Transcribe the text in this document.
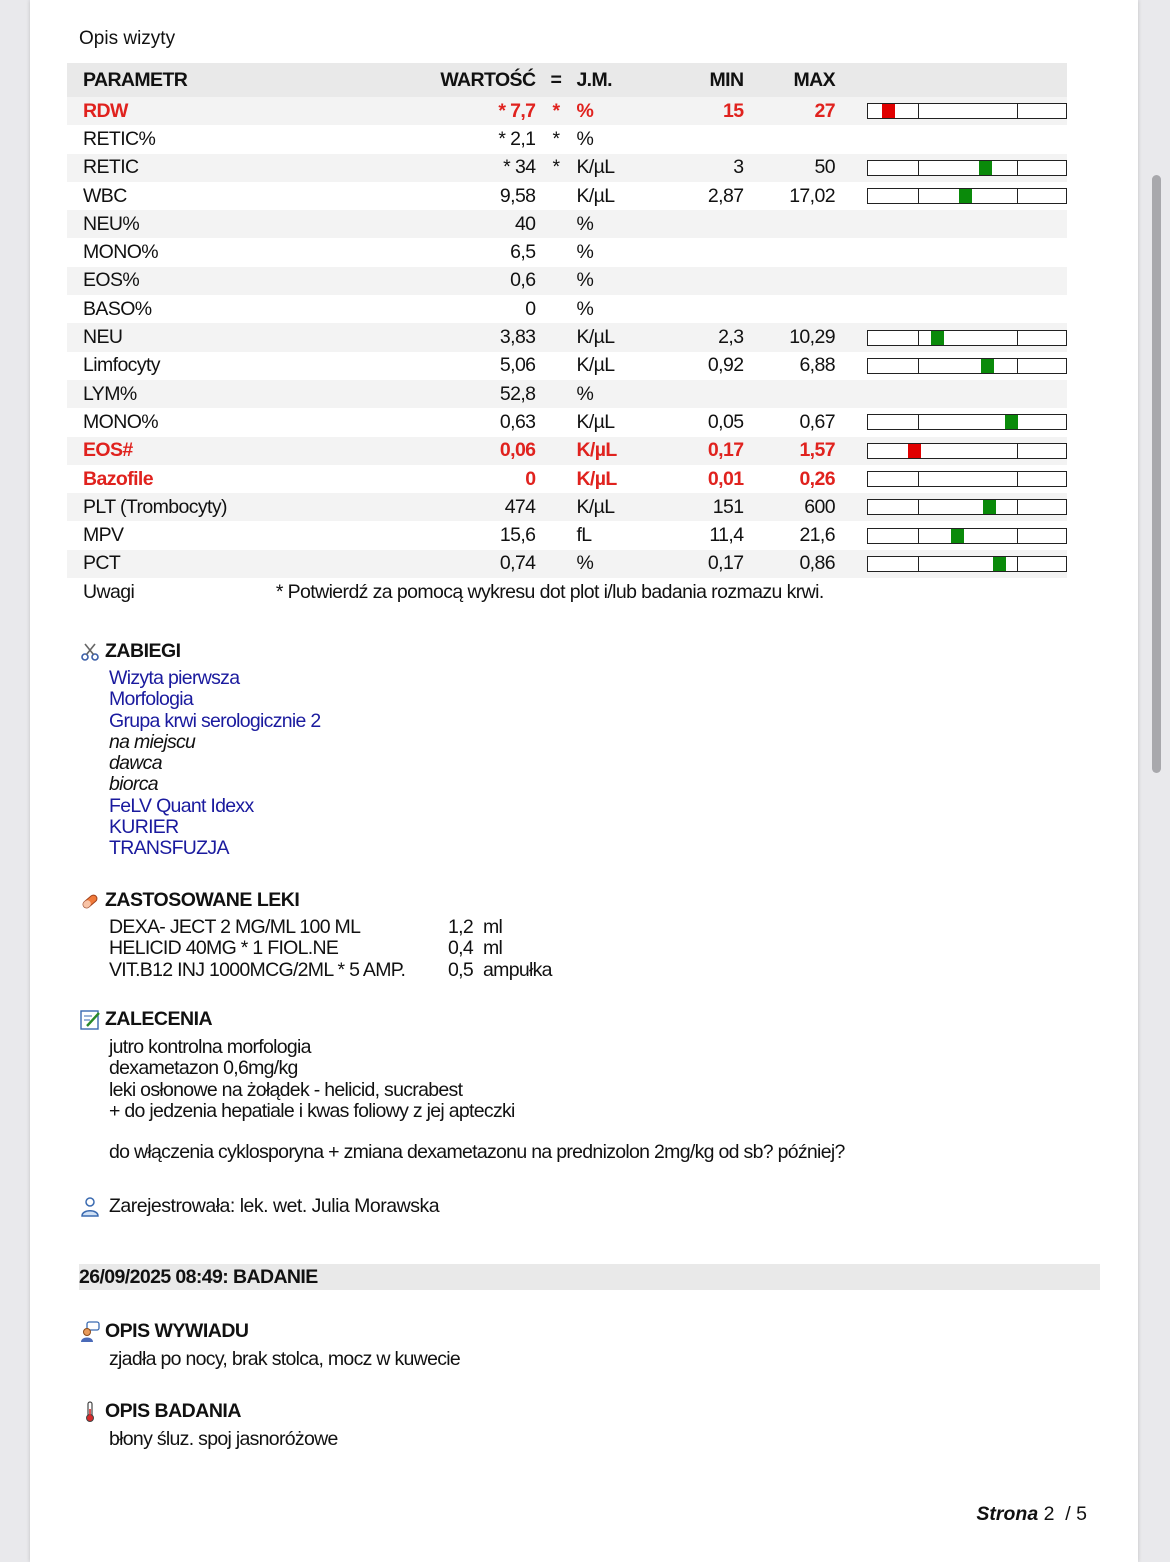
Opis wizyty
PARAMETR	WARTOŚĆ	=	J.M.	MIN	MAX	
RDW	* 7,7	*	%	15	27	

RETIC%	* 2,1	*	%			
RETIC	* 34	*	K/µL	3	50	

WBC	9,58		K/µL	2,87	17,02	

NEU%	40		%			
MONO%	6,5		%			
EOS%	0,6		%			
BASO%	0		%			
NEU	3,83		K/µL	2,3	10,29	

Limfocyty	5,06		K/µL	0,92	6,88	

LYM%	52,8		%			
MONO%	0,63		K/µL	0,05	0,67	

EOS#	0,06		K/µL	0,17	1,57	

Bazofile	0		K/µL	0,01	0,26	

PLT (Trombocyty)	474		K/µL	151	600	

MPV	15,6		fL	11,4	21,6	

PCT	0,74		%	0,17	0,86	

Uwagi	* Potwierdź za pomocą wykresu dot plot i/lub badania rozmazu krwi.					
ZABIEGI
Wizyta pierwsza
Morfologia
Grupa krwi serologicznie 2
na miejscu
dawca
biorca
FeLV Quant Idexx
KURIER
TRANSFUZJA
ZASTOSOWANE LEKI
DEXA- JECT 2 MG/ML 100 ML	1,2	ml
HELICID 40MG * 1 FIOL.NE	0,4	ml
VIT.B12 INJ 1000MCG/2ML * 5 AMP.	0,5	ampułka
ZALECENIA
jutro kontrolna morfologia
dexametazon 0,6mg/kg
leki osłonowe na żołądek - helicid, sucrabest
+ do jedzenia hepatiale i kwas foliowy z jej apteczki
do włączenia cyklosporyna + zmiana dexametazonu na prednizolon 2mg/kg od sb? później?
Zarejestrowała: lek. wet. Julia Morawska
26/09/2025 08:49: BADANIE
OPIS WYWIADU
zjadła po nocy, brak stolca, mocz w kuwecie
OPIS BADANIA
błony śluz. spoj jasnoróżowe
Strona 2 / 5
